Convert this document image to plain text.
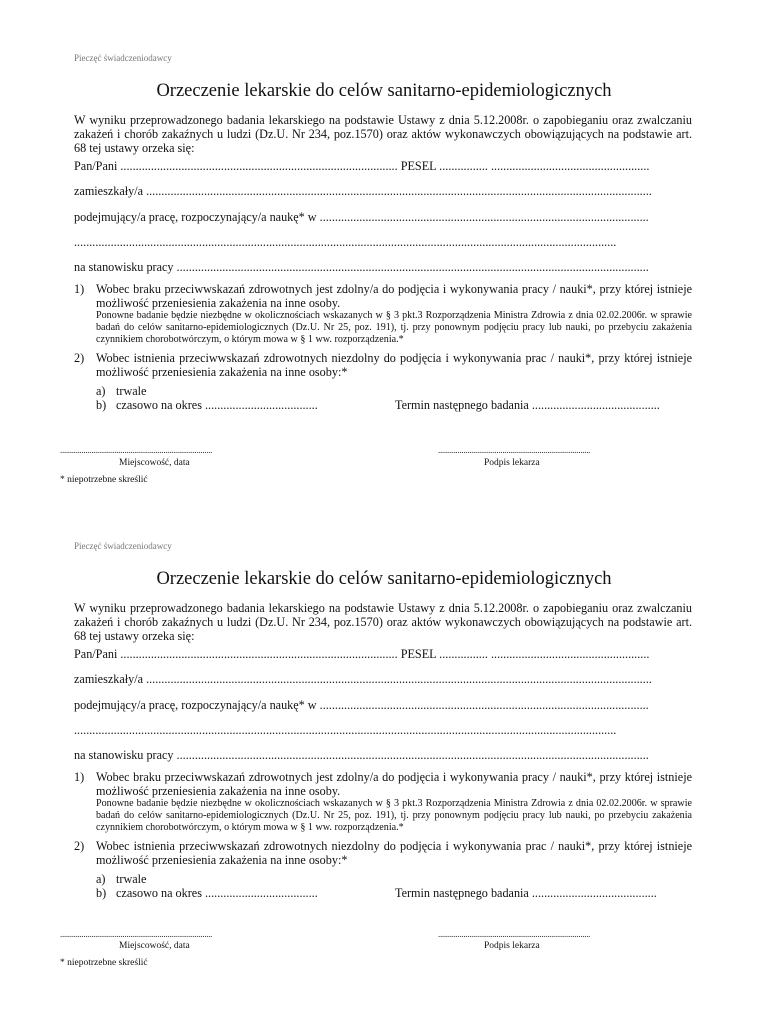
Pieczęć świadczeniodawcy
Orzeczenie lekarskie do celów sanitarno-epidemiologicznych

W wyniku przeprowadzonego badania lekarskiego na podstawie Ustawy z dnia 5.12.2008r. o zapobieganiu oraz zwalczaniu zakażeń i chorób zakaźnych u ludzi (Dz.U. Nr 234, poz.1570) oraz aktów wykonawczych obowiązujących na podstawie art. 68 tej ustawy orzeka się:

Pan/Pani ........................................................................................... PESEL ................ ....................................................
zamieszkały/a ......................................................................................................................................................................
podejmujący/a pracę, rozpoczynający/a naukę* w ............................................................................................................
..................................................................................................................................................................................
na stanowisku pracy ...........................................................................................................................................................
1) Wobec braku przeciwwskazań zdrowotnych jest zdolny/a do podjęcia i wykonywania pracy / nauki*, przy której istnieje możliwość przeniesienia zakażenia na inne osoby.
Ponowne badanie będzie niezbędne w okolicznościach wskazanych w § 3 pkt.3 Rozporządzenia Ministra Zdrowia z dnia 02.02.2006r. w sprawie badań do celów sanitarno-epidemiologicznych (Dz.U. Nr 25, poz. 191), tj. przy ponownym podjęciu pracy lub nauki, po przebyciu zakażenia czynnikiem chorobotwórczym, o którym mowa w § 1 ww. rozporządzenia.*
2) Wobec istnienia przeciwwskazań zdrowotnych niezdolny do podjęcia i wykonywania prac / nauki*, przy której istnieje możliwość przeniesienia zakażenia na inne osoby:*
a) trwale
b) czasowo na okres .....................................	Termin następnego badania ..........................................
..............................................................................
Miejscowość, data
..............................................................................
Podpis lekarza
* niepotrzebne skreślić
Pieczęć świadczeniodawcy
Orzeczenie lekarskie do celów sanitarno-epidemiologicznych

W wyniku przeprowadzonego badania lekarskiego na podstawie Ustawy z dnia 5.12.2008r. o zapobieganiu oraz zwalczaniu zakażeń i chorób zakaźnych u ludzi (Dz.U. Nr 234, poz.1570) oraz aktów wykonawczych obowiązujących na podstawie art. 68 tej ustawy orzeka się:

Pan/Pani ........................................................................................... PESEL ................ ....................................................
zamieszkały/a ......................................................................................................................................................................
podejmujący/a pracę, rozpoczynający/a naukę* w ............................................................................................................
..................................................................................................................................................................................
na stanowisku pracy ...........................................................................................................................................................
1) Wobec braku przeciwwskazań zdrowotnych jest zdolny/a do podjęcia i wykonywania pracy / nauki*, przy której istnieje możliwość przeniesienia zakażenia na inne osoby.
Ponowne badanie będzie niezbędne w okolicznościach wskazanych w § 3 pkt.3 Rozporządzenia Ministra Zdrowia z dnia 02.02.2006r. w sprawie badań do celów sanitarno-epidemiologicznych (Dz.U. Nr 25, poz. 191), tj. przy ponownym podjęciu pracy lub nauki, po przebyciu zakażenia czynnikiem chorobotwórczym, o którym mowa w § 1 ww. rozporządzenia.*
2) Wobec istnienia przeciwwskazań zdrowotnych niezdolny do podjęcia i wykonywania prac / nauki*, przy której istnieje możliwość przeniesienia zakażenia na inne osoby:*
a) trwale
b) czasowo na okres .....................................	Termin następnego badania .........................................
..............................................................................
Miejscowość, data
..............................................................................
Podpis lekarza
* niepotrzebne skreślić
